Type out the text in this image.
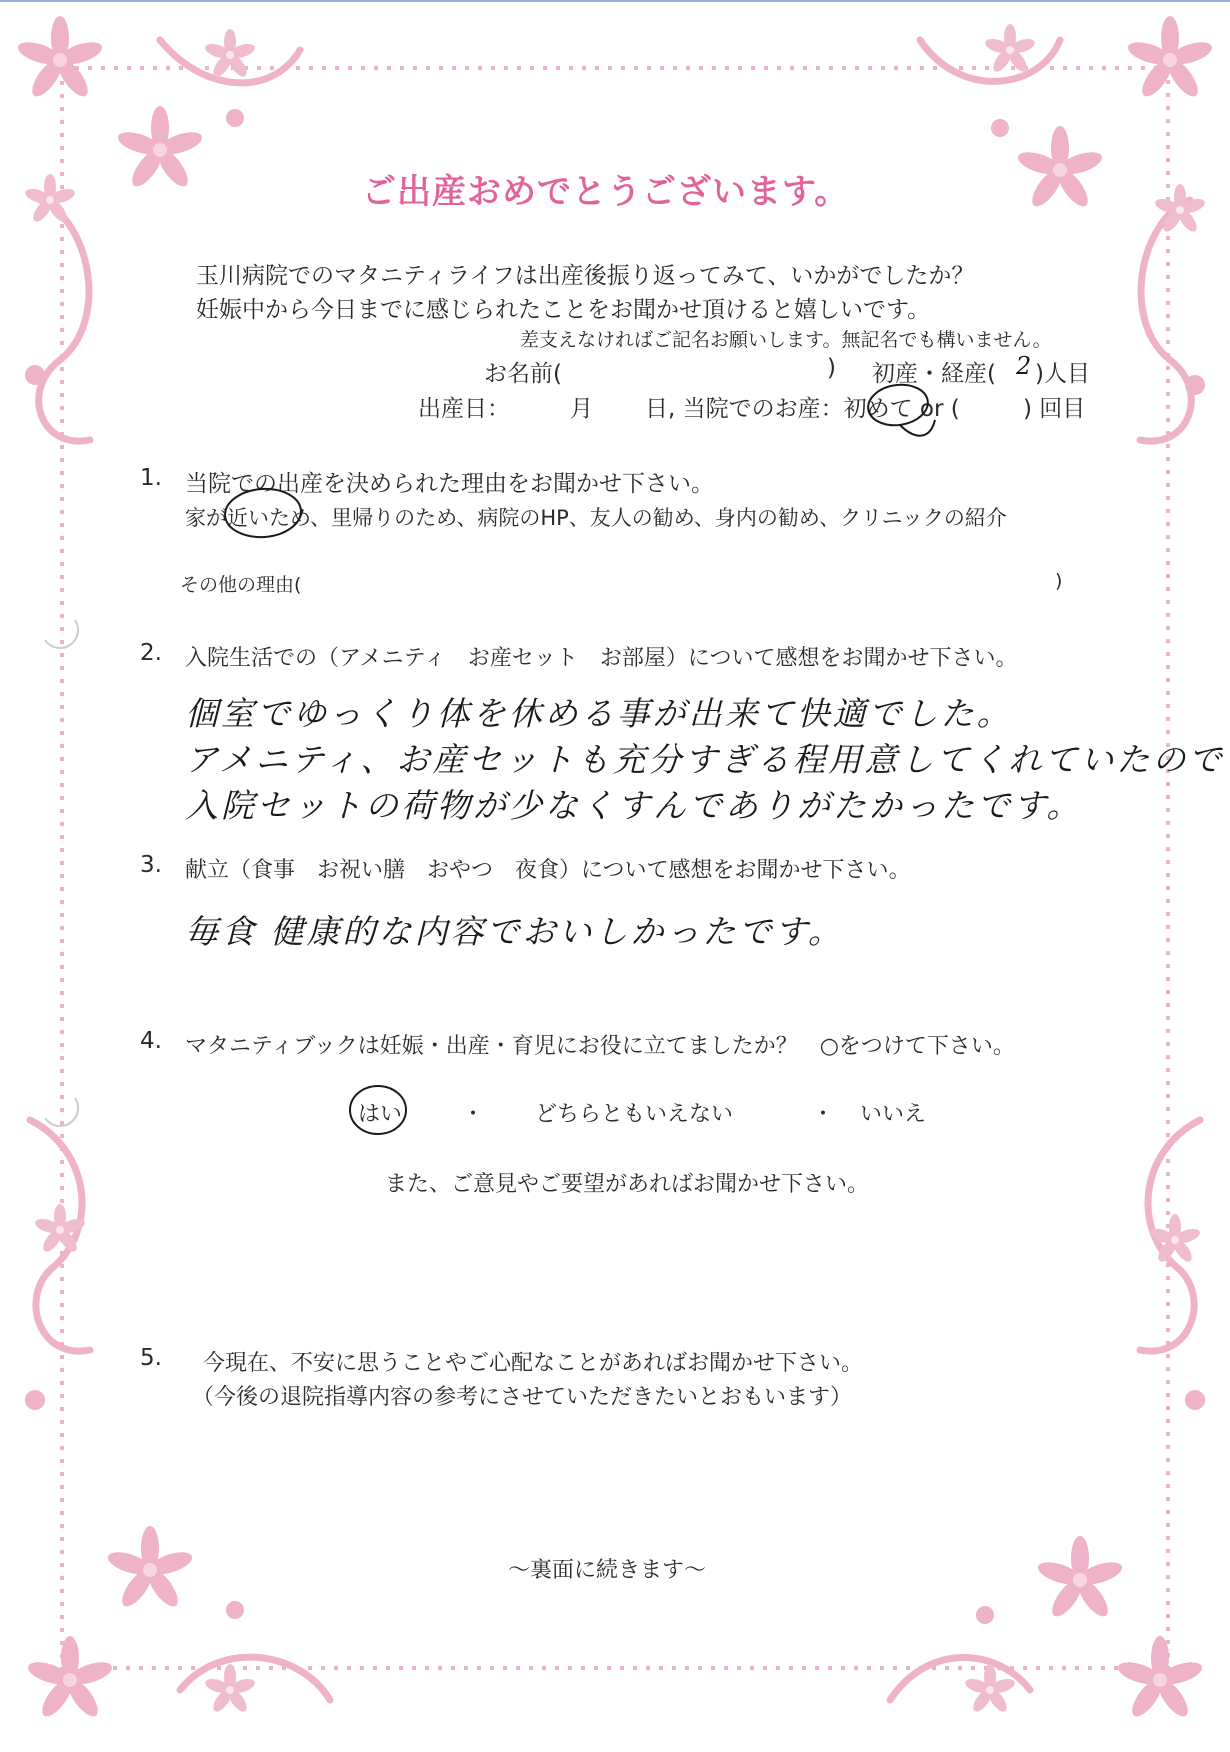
ご出産おめでとうございます。
玉川病院でのマタニティライフは出産後振り返ってみて、いかがでしたか？
妊娠中から今日までに感じられたことをお聞かせ頂けると嬉しいです。
差支えなければご記名お願いします。無記名でも構いません。
お名前(	) 初産・経産( 2 )人目
出産日：	月 日, 当院でのお産：初めて or (	) 回目
1. 当院での出産を決められた理由をお聞かせ下さい。
家が近いため、里帰りのため、病院のHP、友人の勧め、身内の勧め、クリニックの紹介
その他の理由(	)
2. 入院生活での（アメニティ　お産セット　お部屋）について感想をお聞かせ下さい。
個室でゆっくり体を休める事が出来て快適でした。
アメニティ、お産セットも充分すぎる程用意してくれていたので
入院セットの荷物が少なくすんでありがたかったです。
3. 献立（食事　お祝い膳　おやつ　夜食）について感想をお聞かせ下さい。
毎食 健康的な内容でおいしかったです。
4. マタニティブックは妊娠・出産・育児にお役に立てましたか？　○をつけて下さい。
はい	・ どちらともいえない	・ いいえ
また、ご意見やご要望があればお聞かせ下さい。
5. 今現在、不安に思うことやご心配なことがあればお聞かせ下さい。
（今後の退院指導内容の参考にさせていただきたいとおもいます）
～裏面に続きます～
